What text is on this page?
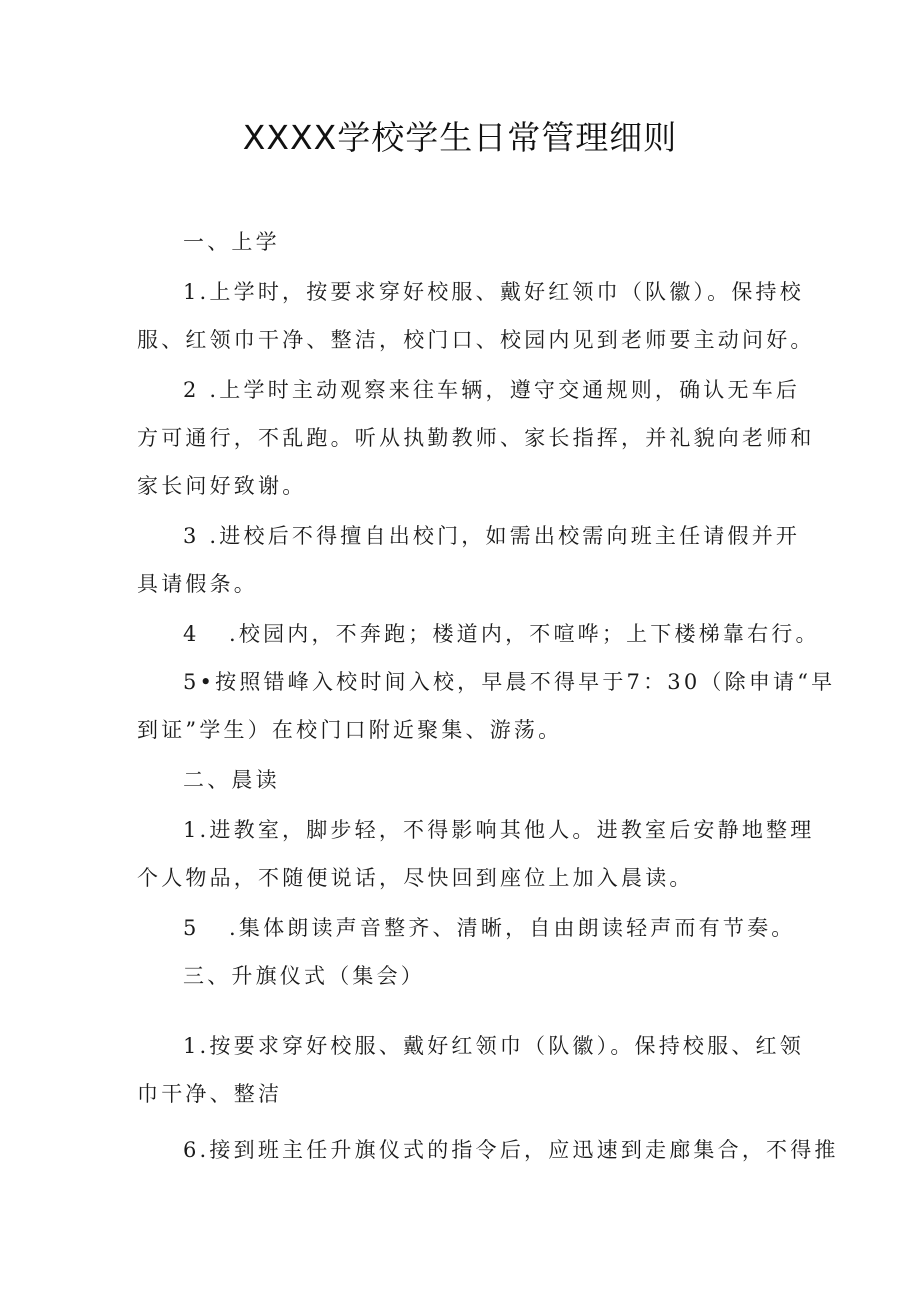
XXXX学校学生日常管理细则
一、上学
1.上学时，按要求穿好校服、戴好红领巾（队徽）。保持校
服、红领巾干净、整洁，校门口、校园内见到老师要主动问好。
2 .上学时主动观察来往车辆，遵守交通规则，确认无车后
方可通行，不乱跑。听从执勤教师、家长指挥，并礼貌向老师和
家长问好致谢。
3 .进校后不得擅自出校门，如需出校需向班主任请假并开
具请假条。
4 .校园内，不奔跑；楼道内，不喧哗；上下楼梯靠右行。
5•按照错峰入校时间入校，早晨不得早于7：30（除申请“早
到证”学生）在校门口附近聚集、游荡。
二、晨读
1.进教室，脚步轻，不得影响其他人。进教室后安静地整理
个人物品，不随便说话，尽快回到座位上加入晨读。
5 .集体朗读声音整齐、清晰，自由朗读轻声而有节奏。
三、升旗仪式（集会）
1.按要求穿好校服、戴好红领巾（队徽）。保持校服、红领
巾干净、整洁
6.接到班主任升旗仪式的指令后，应迅速到走廊集合，不得推
